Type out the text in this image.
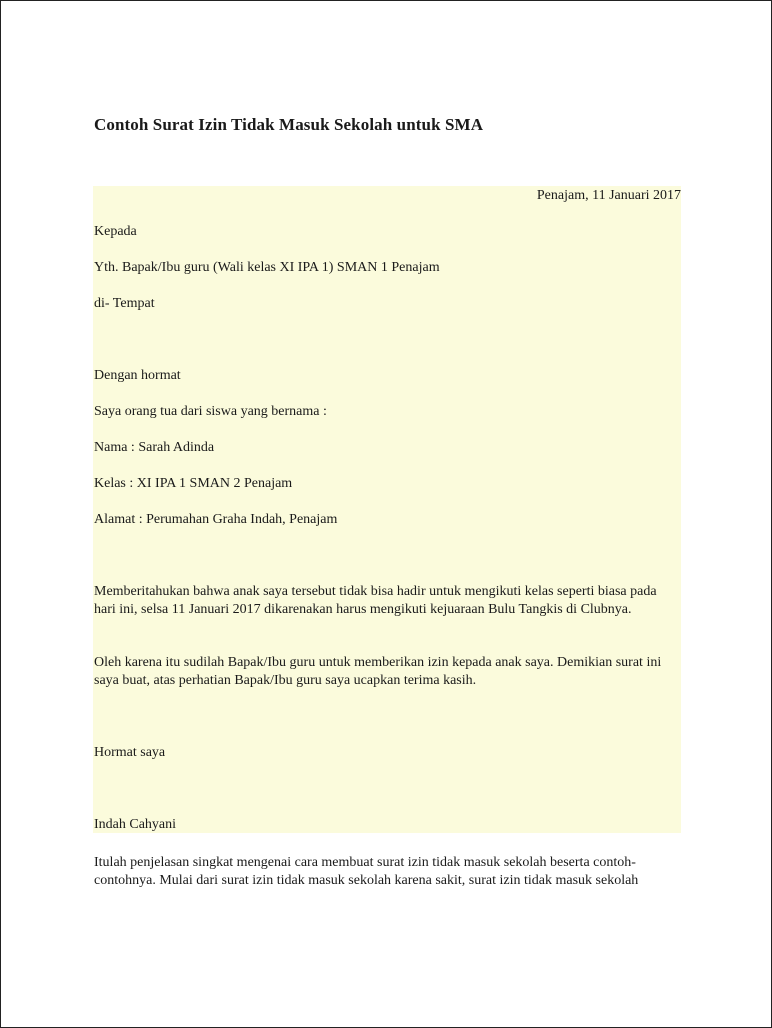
Contoh Surat Izin Tidak Masuk Sekolah untuk SMA
Penajam, 11 Januari 2017
Kepada
Yth. Bapak/Ibu guru (Wali kelas XI IPA 1) SMAN 1 Penajam
di- Tempat
Dengan hormat
Saya orang tua dari siswa yang bernama :
Nama : Sarah Adinda
Kelas : XI IPA 1 SMAN 2 Penajam
Alamat : Perumahan Graha Indah, Penajam
Memberitahukan bahwa anak saya tersebut tidak bisa hadir untuk mengikuti kelas seperti biasa pada hari ini, selsa 11 Januari 2017 dikarenakan harus mengikuti kejuaraan Bulu Tangkis di Clubnya.
Oleh karena itu sudilah Bapak/Ibu guru untuk memberikan izin kepada anak saya. Demikian surat ini saya buat, atas perhatian Bapak/Ibu guru saya ucapkan terima kasih.
Hormat saya
Indah Cahyani
Itulah penjelasan singkat mengenai cara membuat surat izin tidak masuk sekolah beserta contoh-contohnya. Mulai dari surat izin tidak masuk sekolah karena sakit, surat izin tidak masuk sekolah
